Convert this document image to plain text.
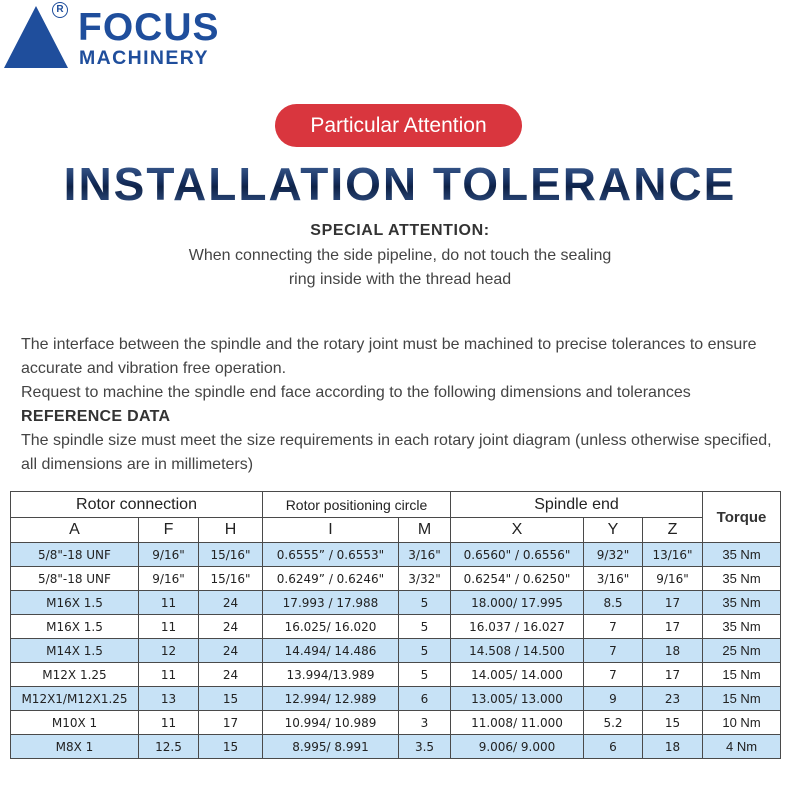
R FOCUS
MACHINERY
Particular Attention
INSTALLATION TOLERANCE
SPECIAL ATTENTION:
When connecting the side pipeline, do not touch the sealing
ring inside with the thread head

The interface between the spindle and the rotary joint must be machined to precise tolerances to ensure accurate and vibration free operation.

Request to machine the spindle end face according to the following dimensions and tolerances

REFERENCE DATA

The spindle size must meet the size requirements in each rotary joint diagram (unless otherwise specified, all dimensions are in millimeters)

Rotor connection			Rotor positioning circle		Spindle end			Torque
A	F	H	I	M	X	Y	Z	
5/8"-18 UNF	9/16"	15/16"	0.6555” / 0.6553"	3/16"	0.6560" / 0.6556"	9/32"	13/16"	35 Nm
5/8"-18 UNF	9/16"	15/16"	0.6249” / 0.6246"	3/32"	0.6254" / 0.6250"	3/16"	9/16"	35 Nm
M16X 1.5	11	24	17.993 / 17.988	5	18.000/ 17.995	8.5	17	35 Nm
M16X 1.5	11	24	16.025/ 16.020	5	16.037 / 16.027	7	17	35 Nm
M14X 1.5	12	24	14.494/ 14.486	5	14.508 / 14.500	7	18	25 Nm
M12X 1.25	11	24	13.994/13.989	5	14.005/ 14.000	7	17	15 Nm
M12X1/M12X1.25	13	15	12.994/ 12.989	6	13.005/ 13.000	9	23	15 Nm
M10X 1	11	17	10.994/ 10.989	3	11.008/ 11.000	5.2	15	10 Nm
M8X 1	12.5	15	8.995/ 8.991	3.5	9.006/ 9.000	6	18	4 Nm
